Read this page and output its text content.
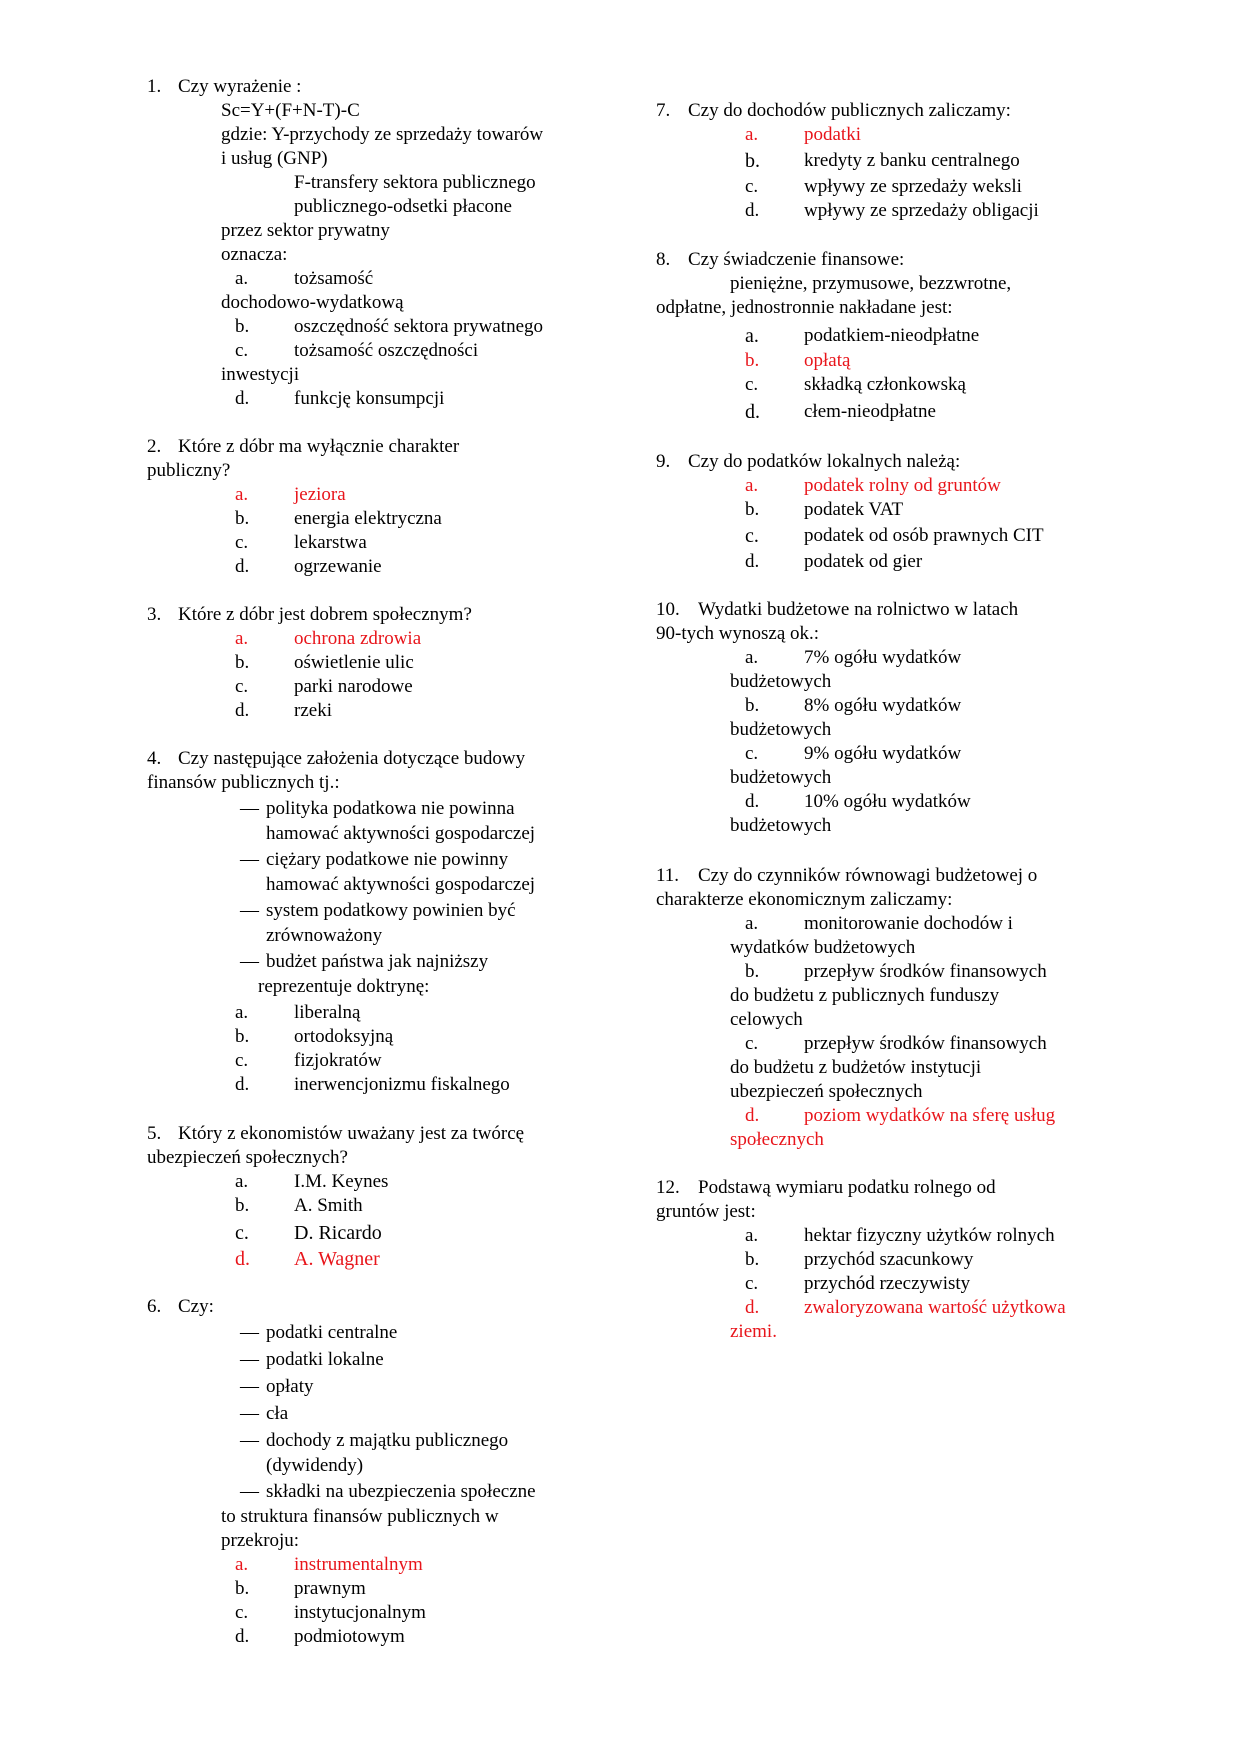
1. Czy wyrażenie :
Sc=Y+(F+N-T)-C
gdzie: Y-przychody ze sprzedaży towarów
i usług (GNP)
F-transfery sektora publicznego
publicznego-odsetki płacone
przez sektor prywatny
oznacza:
a. tożsamość
dochodowo-wydatkową
b. oszczędność sektora prywatnego
c. tożsamość oszczędności
inwestycji
d. funkcję konsumpcji
2. Które z dóbr ma wyłącznie charakter
publiczny?
a. jeziora
b. energia elektryczna
c. lekarstwa
d. ogrzewanie
3. Które z dóbr jest dobrem społecznym?
a. ochrona zdrowia
b. oświetlenie ulic
c. parki narodowe
d. rzeki
4. Czy następujące założenia dotyczące budowy
finansów publicznych tj.:
— polityka podatkowa nie powinna
hamować aktywności gospodarczej
— ciężary podatkowe nie powinny
hamować aktywności gospodarczej
— system podatkowy powinien być
zrównoważony
— budżet państwa jak najniższy
reprezentuje doktrynę:
a. liberalną
b. ortodoksyjną
c. fizjokratów
d. inerwencjonizmu fiskalnego
5. Który z ekonomistów uważany jest za twórcę
ubezpieczeń społecznych?
a. I.M. Keynes
b. A. Smith
c. D. Ricardo
d. A. Wagner
6. Czy:
— podatki centralne
— podatki lokalne
— opłaty
— cła
— dochody z majątku publicznego
(dywidendy)
— składki na ubezpieczenia społeczne
to struktura finansów publicznych w
przekroju:
a. instrumentalnym
b. prawnym
c. instytucjonalnym
d. podmiotowym
7. Czy do dochodów publicznych zaliczamy:
a. podatki
b. kredyty z banku centralnego
c. wpływy ze sprzedaży weksli
d. wpływy ze sprzedaży obligacji
8. Czy świadczenie finansowe:
pieniężne, przymusowe, bezzwrotne,
odpłatne, jednostronnie nakładane jest:
a. podatkiem-nieodpłatne
b. opłatą
c. składką członkowską
d. cłem-nieodpłatne
9. Czy do podatków lokalnych należą:
a. podatek rolny od gruntów
b. podatek VAT
c. podatek od osób prawnych CIT
d. podatek od gier
10. Wydatki budżetowe na rolnictwo w latach
90-tych wynoszą ok.:
a. 7% ogółu wydatków
budżetowych
b. 8% ogółu wydatków
budżetowych
c. 9% ogółu wydatków
budżetowych
d. 10% ogółu wydatków
budżetowych
11. Czy do czynników równowagi budżetowej o
charakterze ekonomicznym zaliczamy:
a. monitorowanie dochodów i
wydatków budżetowych
b. przepływ środków finansowych
do budżetu z publicznych funduszy
celowych
c. przepływ środków finansowych
do budżetu z budżetów instytucji
ubezpieczeń społecznych
d. poziom wydatków na sferę usług
społecznych
12. Podstawą wymiaru podatku rolnego od
gruntów jest:
a. hektar fizyczny użytków rolnych
b. przychód szacunkowy
c. przychód rzeczywisty
d. zwaloryzowana wartość użytkowa
ziemi.
